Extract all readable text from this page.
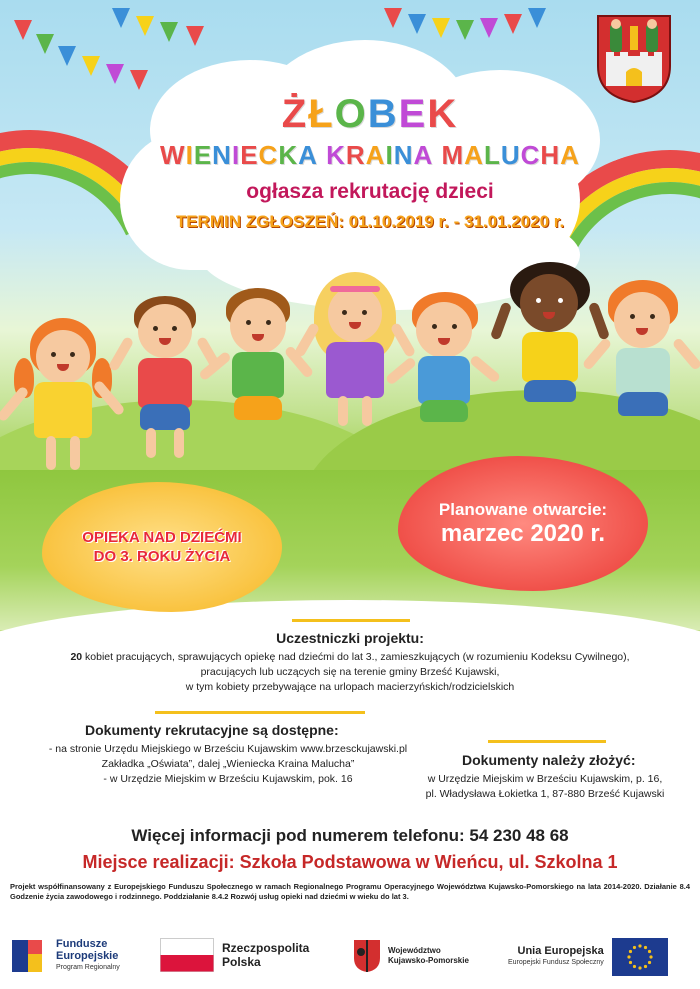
ŻŁOBEK
WIENIECKA KRAINA MALUCHA
ogłasza rekrutację dzieci
TERMIN ZGŁOSZEŃ: 01.10.2019 r. - 31.01.2020 r.

OPIEKA NAD DZIEĆMI

DO 3. ROKU ŻYCIA

Planowane otwarcie:
marzec 2020 r.
Uczestniczki projektu:
20 kobiet pracujących, sprawujących opiekę nad dziećmi do lat 3., zamieszkujących (w rozumieniu Kodeksu Cywilnego),
pracujących lub uczących się na terenie gminy Brześć Kujawski,
w tym kobiety przebywające na urlopach macierzyńskich/rodzicielskich
Dokumenty rekrutacyjne są dostępne:
- na stronie Urzędu Miejskiego w Brześciu Kujawskim www.brzesckujawski.pl
Zakładka „Oświata”, dalej „Wieniecka Kraina Malucha”
- w Urzędzie Miejskim w Brześciu Kujawskim, pok. 16
Dokumenty należy złożyć:
w Urzędzie Miejskim w Brześciu Kujawskim, p. 16,
pl. Władysława Łokietka 1, 87-880 Brześć Kujawski
Więcej informacji pod numerem telefonu: 54 230 48 68
Miejsce realizacji: Szkoła Podstawowa w Wieńcu, ul. Szkolna 1
Projekt współfinansowany z Europejskiego Funduszu Społecznego w ramach Regionalnego Programu Operacyjnego Województwa Kujawsko-Pomorskiego na lata 2014-2020. Działanie 8.4 Godzenie życia zawodowego i rodzinnego. Poddziałanie 8.4.2 Rozwój usług opieki nad dziećmi w wieku do lat 3.
Fundusze
Europejskie
Program Regionalny
Rzeczpospolita
Polska
Województwo
Kujawsko-Pomorskie
Unia Europejska
Europejski Fundusz Społeczny
